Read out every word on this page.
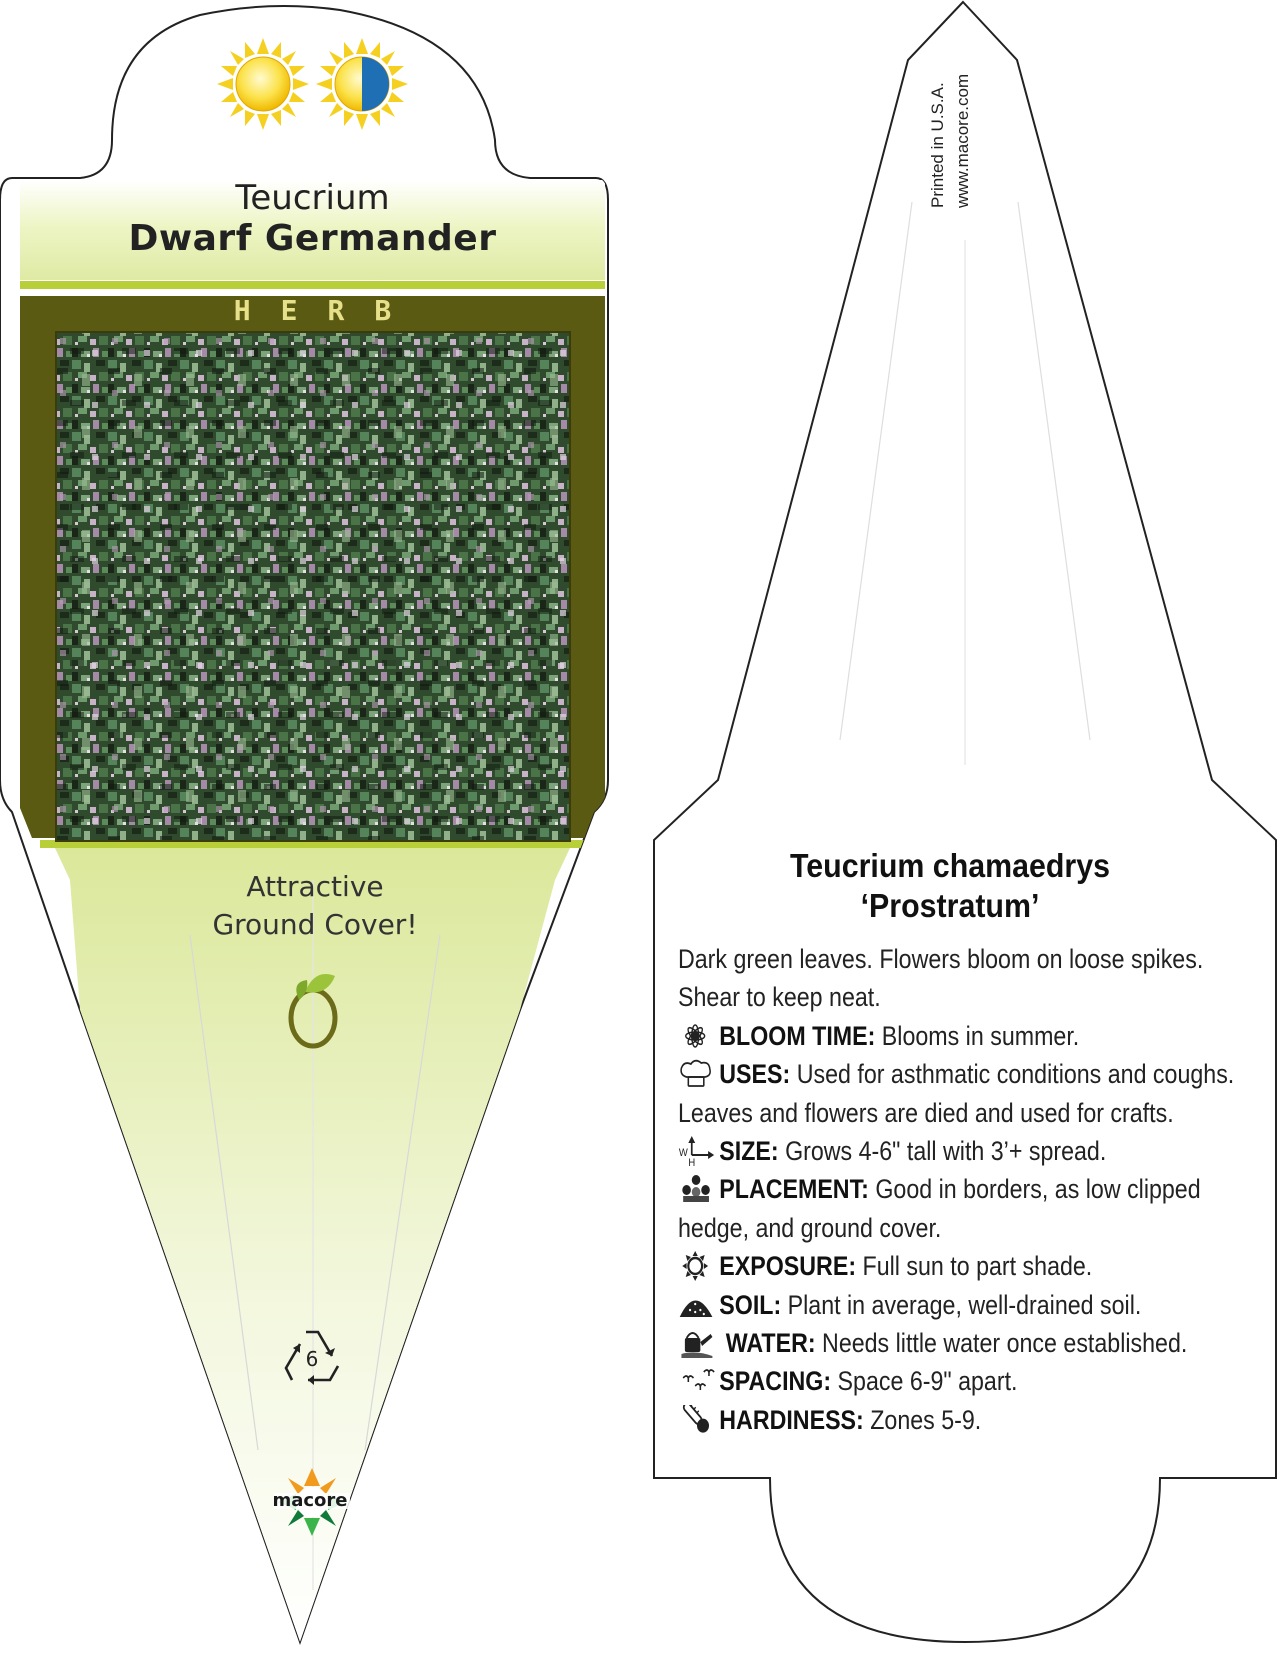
Teucrium
Dwarf Germander
HERB
Attractive
Ground Cover!
6
macore
Printed in U.S.A. www.macore.com
Teucrium chamaedrys
‘Prostratum’
Dark green leaves. Flowers bloom on loose spikes.
Shear to keep neat.
BLOOM TIME: Blooms in summer.
USES: Used for asthmatic conditions and coughs.
Leaves and flowers are died and used for crafts.
W
H SIZE: Grows 4-6" tall with 3’+ spread.
PLACEMENT: Good in borders, as low clipped
hedge, and ground cover.
EXPOSURE: Full sun to part shade.
SOIL: Plant in average, well-drained soil.
WATER: Needs little water once established.
SPACING: Space 6-9" apart.
HARDINESS: Zones 5-9.
